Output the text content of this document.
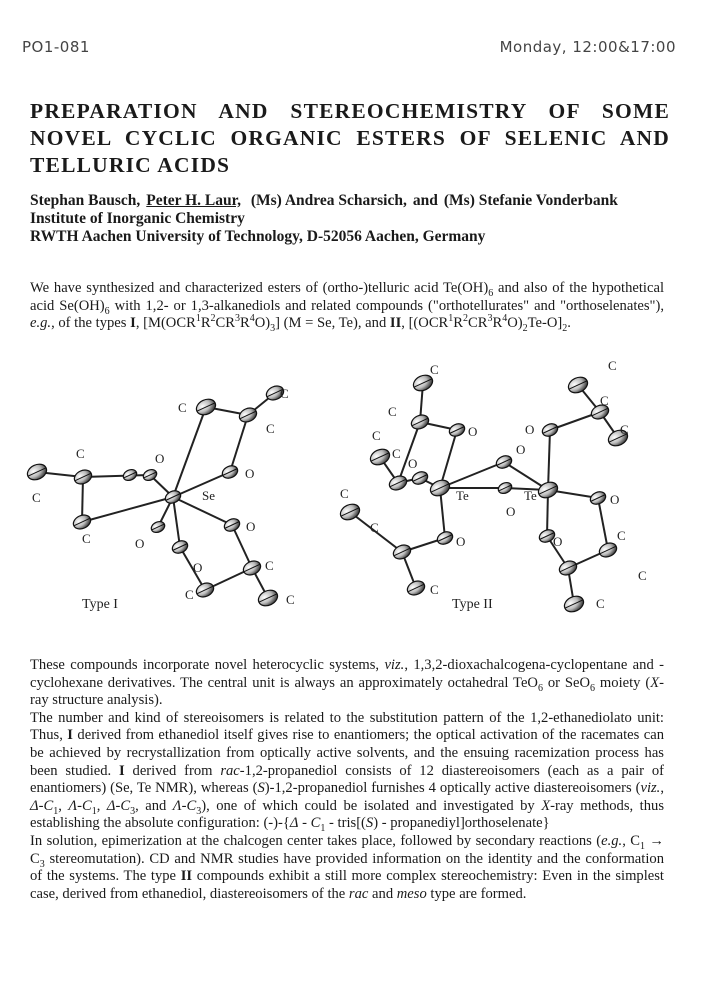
PO1-081	Monday, 12:00&17:00
PREPARATION AND STEREOCHEMISTRY OF SOME NOVEL CYCLIC ORGANIC ESTERS OF SELENIC AND TELLURIC ACIDS
Stephan Bausch, Peter H. Laur, (Ms) Andrea Scharsich, and (Ms) Stefanie Vonderbank
Institute of Inorganic Chemistry
RWTH Aachen University of Technology, D-52056 Aachen, Germany

We have synthesized and characterized esters of (ortho-)telluric acid $Te(OH)_6$ and also of the hypothetical acid $Se(OH)_6$ with 1,2- or 1,3-alkanediols and related compounds ("orthotellurates" and "orthoselenates"), e.g., of the types I, $[M(OCR^1R^2CR^3R^4O)_3] (M = Se$, Te), and II, $[(OCR^1R^2CR^3R^4O)_2Te-O]_2$.

C
C
C
O
O
Se
C
C
C	O
O
O	C
C	C
C
C
C
C
O
O
O
Te	Te
O
C
C
O
C
C
C
C
O
O
C
C
O
C
Type I	Type II

These compounds incorporate novel heterocyclic systems, viz., 1,3,2-dioxachalcogena-cyclopentane and -cyclohexane derivatives. The central unit is always an approximately octahedral TeO$_6$ or SeO$_6$ moiety (X-ray structure analysis).

The number and kind of stereoisomers is related to the substitution pattern of the 1,2-ethanediolato unit: Thus, I derived from ethanediol itself gives rise to enantiomers; the optical activation of the racemates can be achieved by recrystallization from optically active solvents, and the ensuing racemization process has been studied. I derived from rac-1,2-propanediol consists of 12 diastereoisomers (each as a pair of enantiomers) (Se, Te NMR), whereas (S)-1,2-propanediol furnishes 4 optically active diastereoisomers (viz., $\Delta-C_1$, $\Lambda-C_1$, $\Delta-C_3$, and $\Lambda-C_3$), one of which could be isolated and investigated by X-ray methods, thus establishing the absolute configuration: $(-)-\{\Delta - C_1$ - tris[(S) - propanediyl]orthoselenate}

In solution, epimerization at the chalcogen center takes place, followed by secondary reactions (e.g., $C_1 \to C_3$ stereomutation). CD and NMR studies have provided information on the identity and the conformation of the systems. The type II compounds exhibit a still more complex stereochemistry: Even in the simplest case, derived from ethanediol, diastereoisomers of the rac and meso type are formed.
